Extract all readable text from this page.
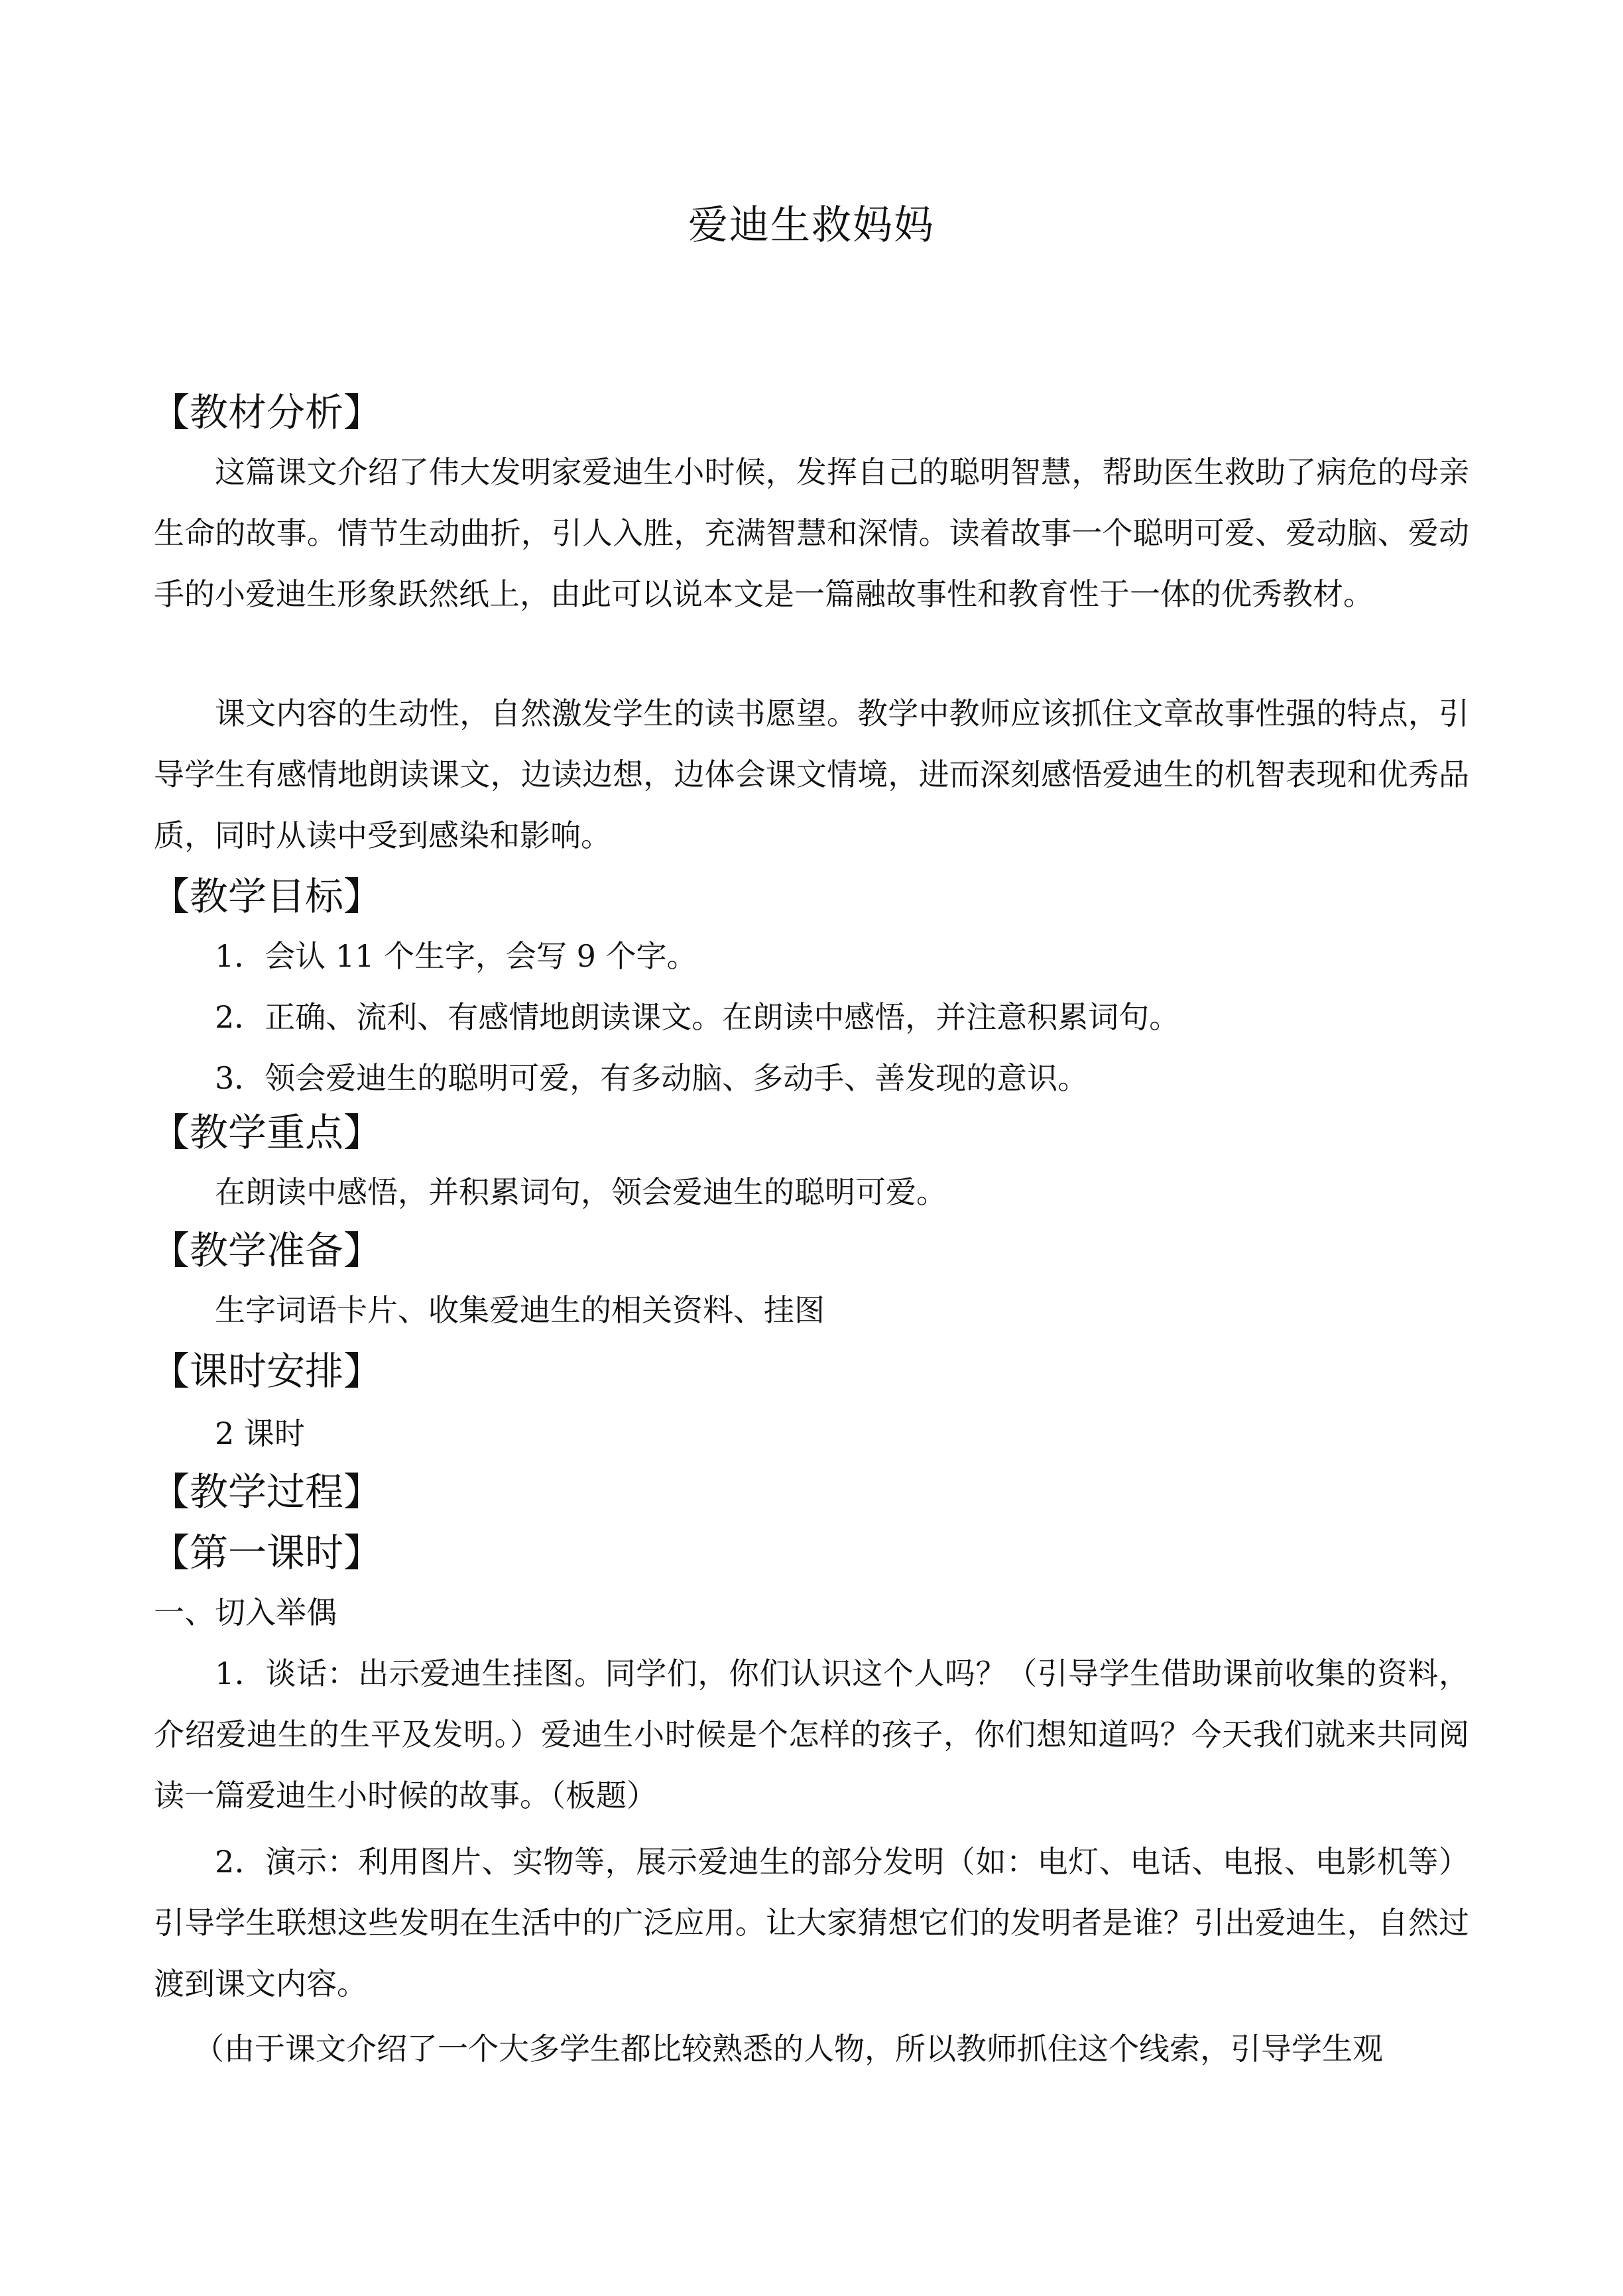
爱迪生救妈妈
【教材分析】
这篇课文介绍了伟大发明家爱迪生小时候，发挥自己的聪明智慧，帮助医生救助了病危的母亲生命的故事。情节生动曲折，引人入胜，充满智慧和深情。读着故事一个聪明可爱、爱动脑、爱动手的小爱迪生形象跃然纸上，由此可以说本文是一篇融故事性和教育性于一体的优秀教材。
课文内容的生动性，自然激发学生的读书愿望。教学中教师应该抓住文章故事性强的特点，引导学生有感情地朗读课文，边读边想，边体会课文情境，进而深刻感悟爱迪生的机智表现和优秀品质，同时从读中受到感染和影响。
【教学目标】
1．会认 11 个生字，会写 9 个字。
2．正确、流利、有感情地朗读课文。在朗读中感悟，并注意积累词句。
3．领会爱迪生的聪明可爱，有多动脑、多动手、善发现的意识。
【教学重点】
在朗读中感悟，并积累词句，领会爱迪生的聪明可爱。
【教学准备】
生字词语卡片、收集爱迪生的相关资料、挂图
【课时安排】
2 课时
【教学过程】
【第一课时】
一、切入举偶
1．谈话：出示爱迪生挂图。同学们，你们认识这个人吗？（引导学生借助课前收集的资料，介绍爱迪生的生平及发明。）爱迪生小时候是个怎样的孩子，你们想知道吗？今天我们就来共同阅读一篇爱迪生小时候的故事。（板题）
2．演示：利用图片、实物等，展示爱迪生的部分发明（如：电灯、电话、电报、电影机等）引导学生联想这些发明在生活中的广泛应用。让大家猜想它们的发明者是谁？引出爱迪生，自然过渡到课文内容。
（由于课文介绍了一个大多学生都比较熟悉的人物，所以教师抓住这个线索，引导学生观
